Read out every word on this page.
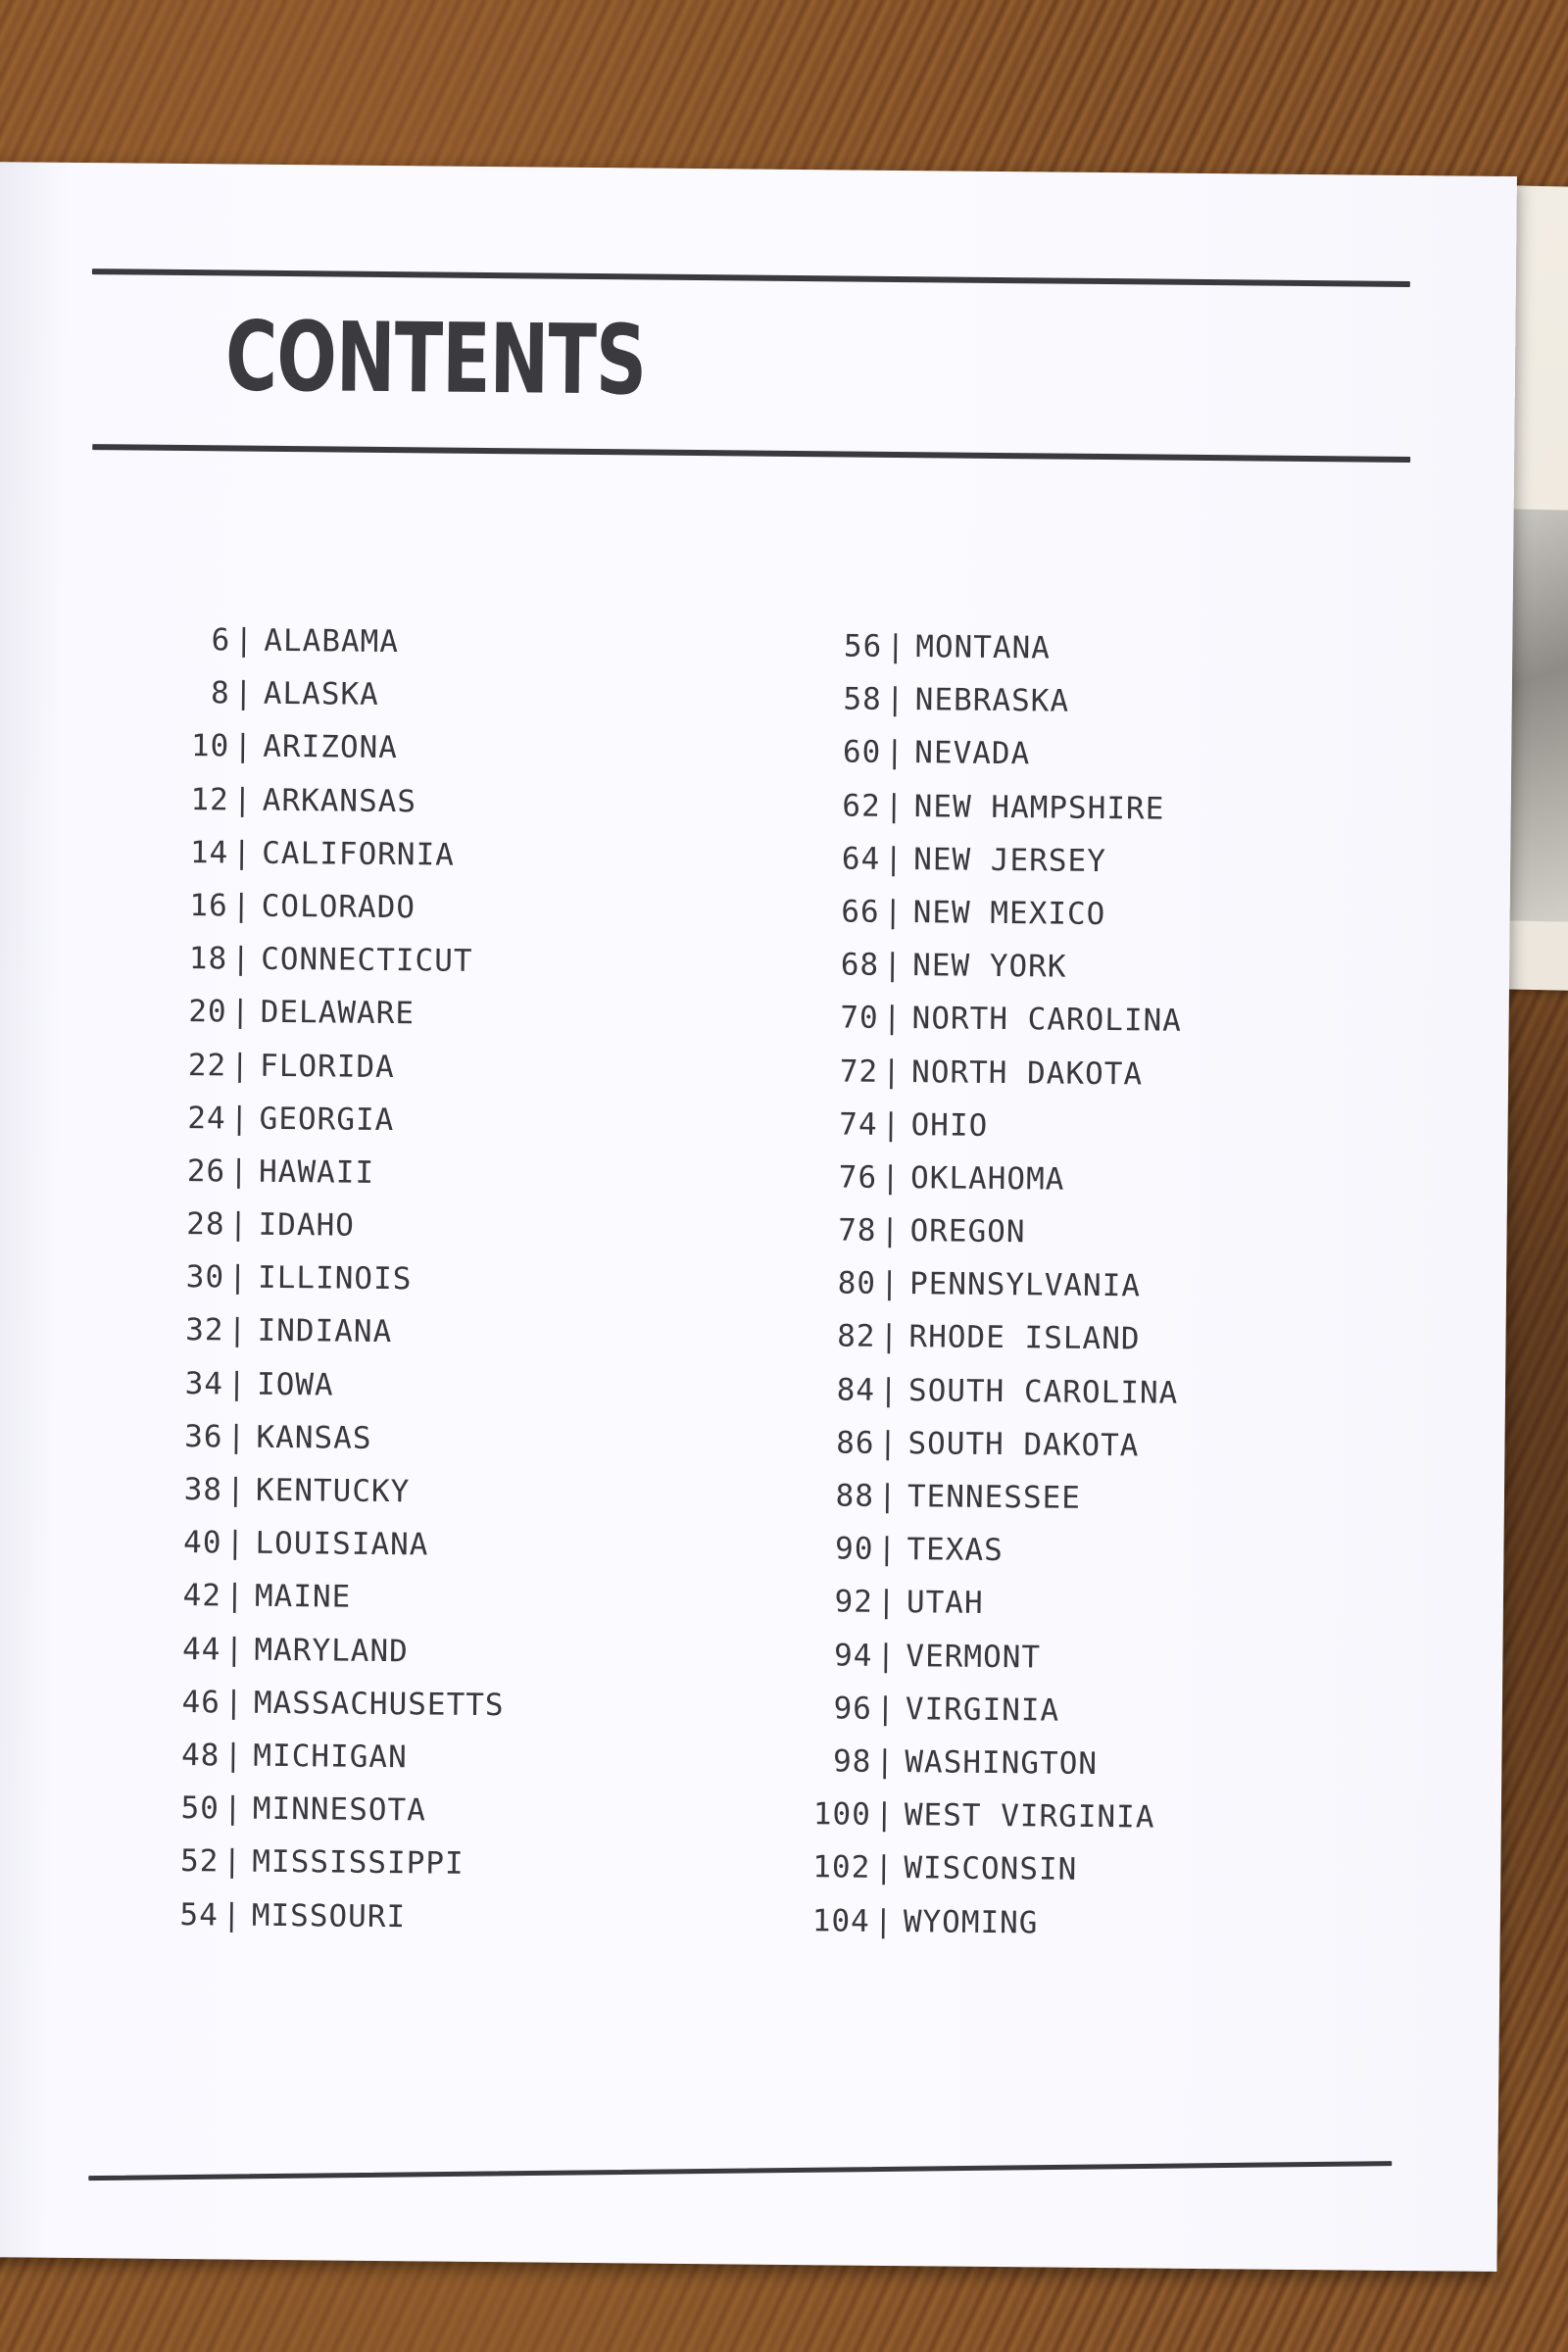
CONTENTS
6 | ALABAMA
8 | ALASKA
10 | ARIZONA
12 | ARKANSAS
14 | CALIFORNIA
16 | COLORADO
18 | CONNECTICUT
20 | DELAWARE
22 | FLORIDA
24 | GEORGIA
26 | HAWAII
28 | IDAHO
30 | ILLINOIS
32 | INDIANA
34 | IOWA
36 | KANSAS
38 | KENTUCKY
40 | LOUISIANA
42 | MAINE
44 | MARYLAND
46 | MASSACHUSETTS
48 | MICHIGAN
50 | MINNESOTA
52 | MISSISSIPPI
54 | MISSOURI
56 | MONTANA
58 | NEBRASKA
60 | NEVADA
62 | NEW HAMPSHIRE
64 | NEW JERSEY
66 | NEW MEXICO
68 | NEW YORK
70 | NORTH CAROLINA
72 | NORTH DAKOTA
74 | OHIO
76 | OKLAHOMA
78 | OREGON
80 | PENNSYLVANIA
82 | RHODE ISLAND
84 | SOUTH CAROLINA
86 | SOUTH DAKOTA
88 | TENNESSEE
90 | TEXAS
92 | UTAH
94 | VERMONT
96 | VIRGINIA
98 | WASHINGTON
100 | WEST VIRGINIA
102 | WISCONSIN
104 | WYOMING
